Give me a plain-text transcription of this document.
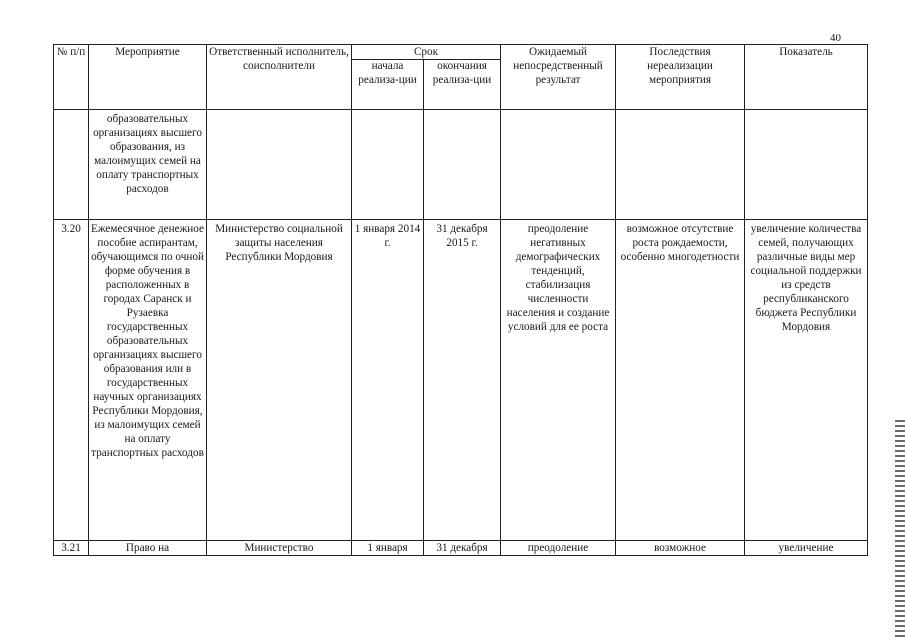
40
№ п/п	Мероприятие	Ответственный исполнитель, соисполнители	Срок		Ожидаемый непосредственный результат	Последствия нереализации мероприятия	Показатель
			начала реализа-ции	окончания реализа-ции			
	образовательных организациях высшего образования, из малоимущих семей на оплату транспортных расходов						
3.20	Ежемесячное денежное пособие аспирантам, обучающимся по очной форме обучения в расположенных в городах Саранск и Рузаевка государственных образовательных организациях высшего образования или в государственных научных организациях Республики Мордовия, из малоимущих семей на оплату транспортных расходов	Министерство социальной защиты населения Республики Мордовия	1 января 2014 г.	31 декабря 2015 г.	преодоление негативных демографических тенденций, стабилизация численности населения и создание условий для ее роста	возможное отсутствие роста рождаемости, особенно многодетности	увеличение количества семей, получающих различные виды мер социальной поддержки из средств республиканского бюджета Республики Мордовия
3.21	Право на	Министерство	1 января	31 декабря	преодоление	возможное	увеличение
